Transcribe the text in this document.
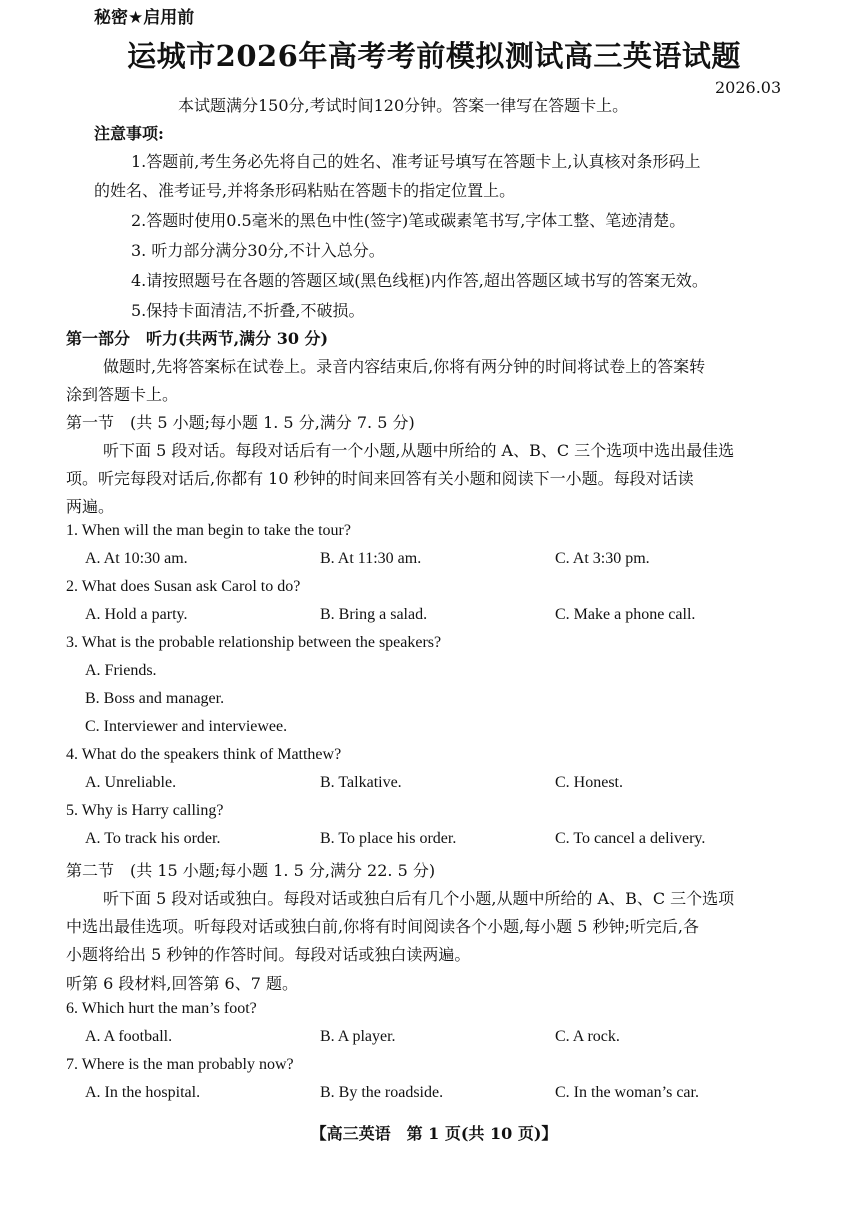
秘密★启用前
运城市2026年高考考前模拟测试高三英语试题
2026.03
本试题满分150分,考试时间120分钟。答案一律写在答题卡上。
注意事项:
1.答题前,考生务必先将自己的姓名、准考证号填写在答题卡上,认真核对条形码上
的姓名、准考证号,并将条形码粘贴在答题卡的指定位置上。
2.答题时使用0.5毫米的黑色中性(签字)笔或碳素笔书写,字体工整、笔迹清楚。
3. 听力部分满分30分,不计入总分。
4.请按照题号在各题的答题区域(黑色线框)内作答,超出答题区域书写的答案无效。
5.保持卡面清洁,不折叠,不破损。
第一部分　听力(共两节,满分 30 分)
做题时,先将答案标在试卷上。录音内容结束后,你将有两分钟的时间将试卷上的答案转
涂到答题卡上。
第一节　(共 5 小题;每小题 1. 5 分,满分 7. 5 分)
听下面 5 段对话。每段对话后有一个小题,从题中所给的 A、B、C 三个选项中选出最佳选
项。听完每段对话后,你都有 10 秒钟的时间来回答有关小题和阅读下一小题。每段对话读
两遍。
1. When will the man begin to take the tour?
A. At 10:30 am.	B. At 11:30 am.	C. At 3:30 pm.
2. What does Susan ask Carol to do?
A. Hold a party.	B. Bring a salad.	C. Make a phone call.
3. What is the probable relationship between the speakers?
A. Friends.
B. Boss and manager.
C. Interviewer and interviewee.
4. What do the speakers think of Matthew?
A. Unreliable.	B. Talkative.	C. Honest.
5. Why is Harry calling?
A. To track his order.	B. To place his order.	C. To cancel a delivery.
第二节　(共 15 小题;每小题 1. 5 分,满分 22. 5 分)
听下面 5 段对话或独白。每段对话或独白后有几个小题,从题中所给的 A、B、C 三个选项
中选出最佳选项。听每段对话或独白前,你将有时间阅读各个小题,每小题 5 秒钟;听完后,各
小题将给出 5 秒钟的作答时间。每段对话或独白读两遍。
听第 6 段材料,回答第 6、7 题。
6. Which hurt the man’s foot?
A. A football.	B. A player.	C. A rock.
7. Where is the man probably now?
A. In the hospital.	B. By the roadside.	C. In the woman’s car.
【高三英语　第 1 页(共 10 页)】
